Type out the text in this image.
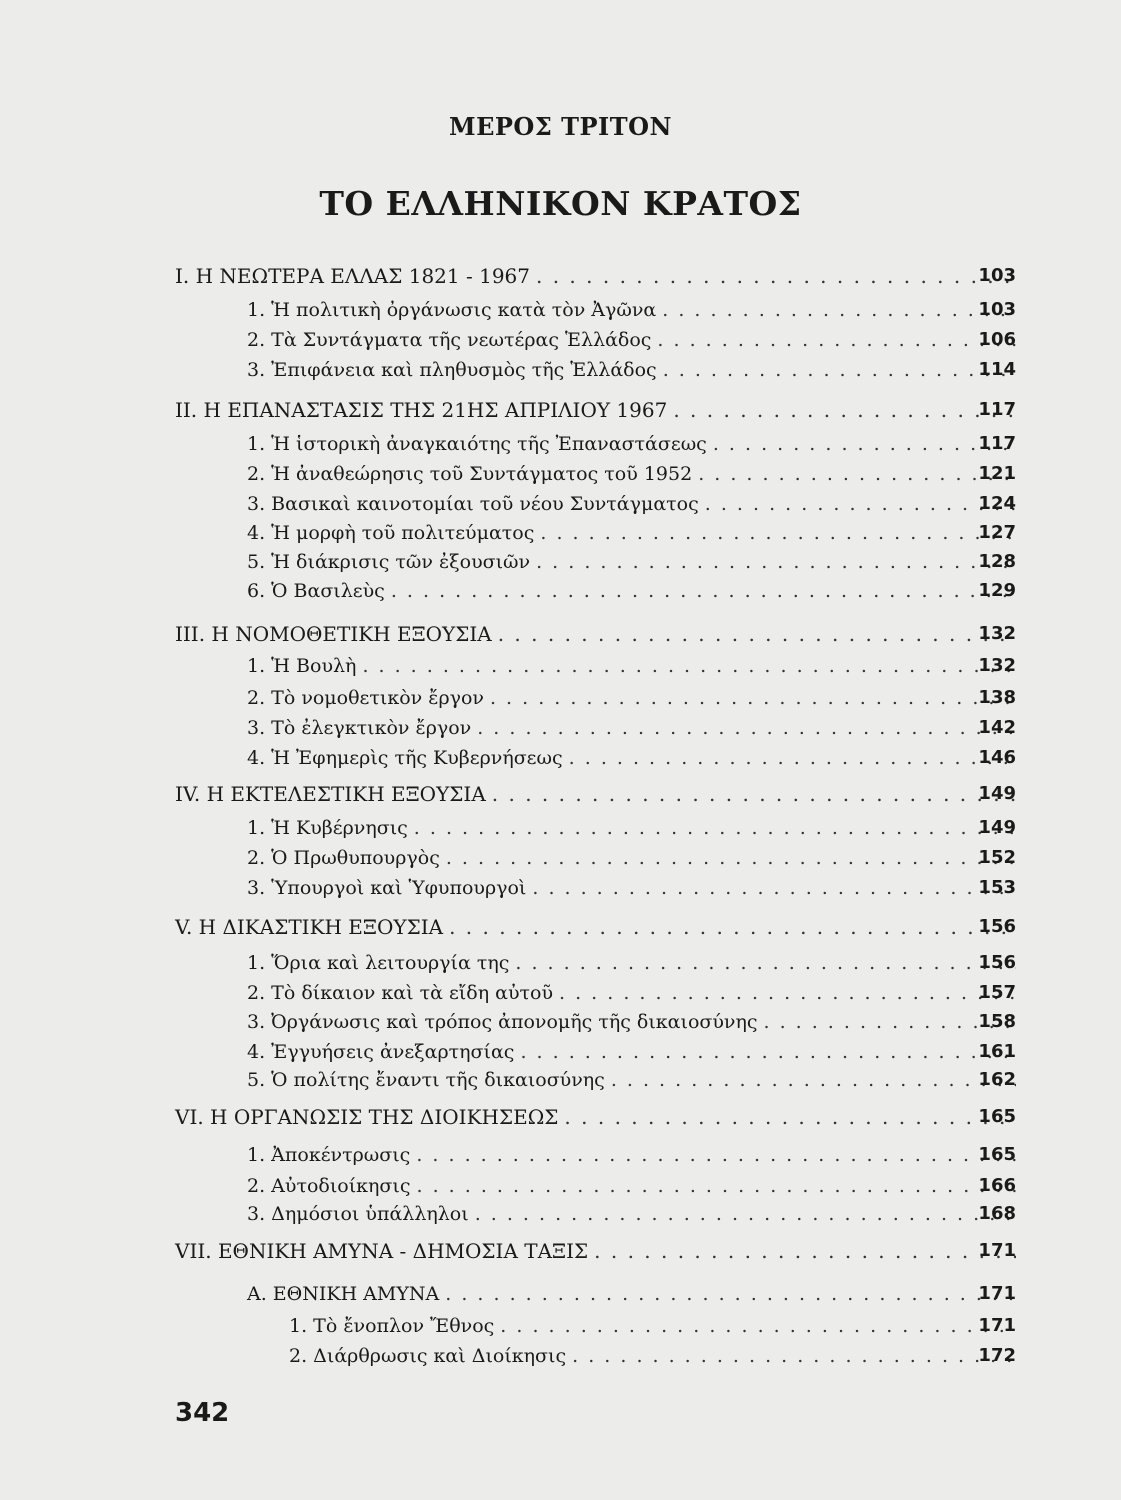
ΜΕΡΟΣ ΤΡΙΤΟΝ
ΤΟ ΕΛΛΗΝΙΚΟΝ ΚΡΑΤΟΣ
I. Η ΝΕΩΤΕΡΑ ΕΛΛΑΣ 1821 - 1967 . . .	103
1. Ἡ πολιτικὴ ὀργάνωσις κατὰ τὸν Ἀγῶνα . . .	103
2. Τὰ Συντάγματα τῆς νεωτέρας Ἑλλάδος . . .	106
3. Ἐπιφάνεια καὶ πληθυσμὸς τῆς Ἑλλάδος . . .	114
II. Η ΕΠΑΝΑΣΤΑΣΙΣ ΤΗΣ 21ΗΣ ΑΠΡΙΛΙΟΥ 1967 . . .	117
1. Ἡ ἱστορικὴ ἀναγκαιότης τῆς Ἐπαναστάσεως . . .	117
2. Ἡ ἀναθεώρησις τοῦ Συντάγματος τοῦ 1952 . . .	121
3. Βασικαὶ καινοτομίαι τοῦ νέου Συντάγματος . . .	124
4. Ἡ μορφὴ τοῦ πολιτεύματος . . .	127
5. Ἡ διάκρισις τῶν ἐξουσιῶν . . .	128
6. Ὁ Βασιλεὺς . . .	129
III. Η ΝΟΜΟΘΕΤΙΚΗ ΕΞΟΥΣΙΑ . . .	132
1. Ἡ Βουλὴ . . .	132
2. Τὸ νομοθετικὸν ἔργον . . .	138
3. Τὸ ἐλεγκτικὸν ἔργον . . .	142
4. Ἡ Ἐφημερὶς τῆς Κυβερνήσεως . . .	146
IV. Η ΕΚΤΕΛΕΣΤΙΚΗ ΕΞΟΥΣΙΑ . . .	149
1. Ἡ Κυβέρνησις . . .	149
2. Ὁ Πρωθυπουργὸς . . .	152
3. Ὑπουργοὶ καὶ Ὑφυπουργοὶ . . .	153
V. Η ΔΙΚΑΣΤΙΚΗ ΕΞΟΥΣΙΑ . . .	156
1. Ὅρια καὶ λειτουργία της . . .	156
2. Τὸ δίκαιον καὶ τὰ εἴδη αὐτοῦ . . .	157
3. Ὀργάνωσις καὶ τρόπος ἀπονομῆς τῆς δικαιοσύνης . . .	158
4. Ἐγγυήσεις ἀνεξαρτησίας . . .	161
5. Ὁ πολίτης ἔναντι τῆς δικαιοσύνης . . .	162
VI. Η ΟΡΓΑΝΩΣΙΣ ΤΗΣ ΔΙΟΙΚΗΣΕΩΣ . . .	165
1. Ἀποκέντρωσις . . .	165
2. Αὐτοδιοίκησις . . .	166
3. Δημόσιοι ὑπάλληλοι . . .	168
VII. ΕΘΝΙΚΗ ΑΜΥΝΑ - ΔΗΜΟΣΙΑ ΤΑΞΙΣ . . .	171
Α. ΕΘΝΙΚΗ ΑΜΥΝΑ . . .	171
1. Τὸ ἔνοπλον Ἔθνος . . .	171
2. Διάρθρωσις καὶ Διοίκησις . . .	172
342
